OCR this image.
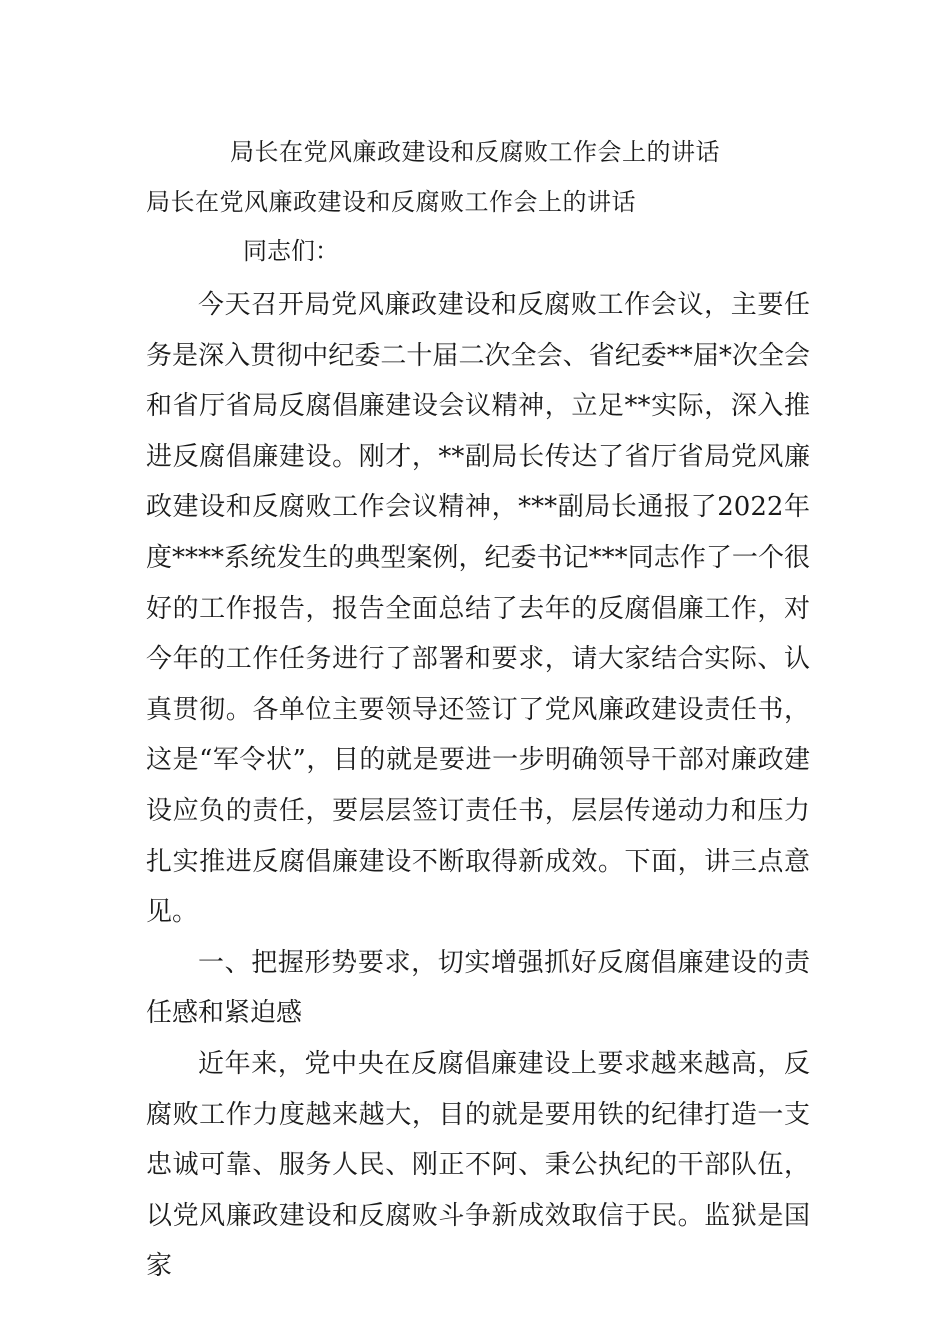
局长在党风廉政建设和反腐败工作会上的讲话
局长在党风廉政建设和反腐败工作会上的讲话
同志们：

今天召开局党风廉政建设和反腐败工作会议，主要任务是深入贯彻中纪委二十届二次全会、省纪委**届*次全会和省厅省局反腐倡廉建设会议精神，立足**实际，深入推进反腐倡廉建设。刚才，**副局长传达了省厅省局党风廉政建设和反腐败工作会议精神，***副局长通报了2022年度****系统发生的典型案例，纪委书记***同志作了一个很好的工作报告，报告全面总结了去年的反腐倡廉工作，对今年的工作任务进行了部署和要求，请大家结合实际、认真贯彻。各单位主要领导还签订了党风廉政建设责任书，这是“军令状”，目的就是要进一步明确领导干部对廉政建设应负的责任，要层层签订责任书，层层传递动力和压力扎实推进反腐倡廉建设不断取得新成效。下面，讲三点意见。

一、把握形势要求，切实增强抓好反腐倡廉建设的责任感和紧迫感

近年来，党中央在反腐倡廉建设上要求越来越高，反腐败工作力度越来越大，目的就是要用铁的纪律打造一支忠诚可靠、服务人民、刚正不阿、秉公执纪的干部队伍，以党风廉政建设和反腐败斗争新成效取信于民。监狱是国家
